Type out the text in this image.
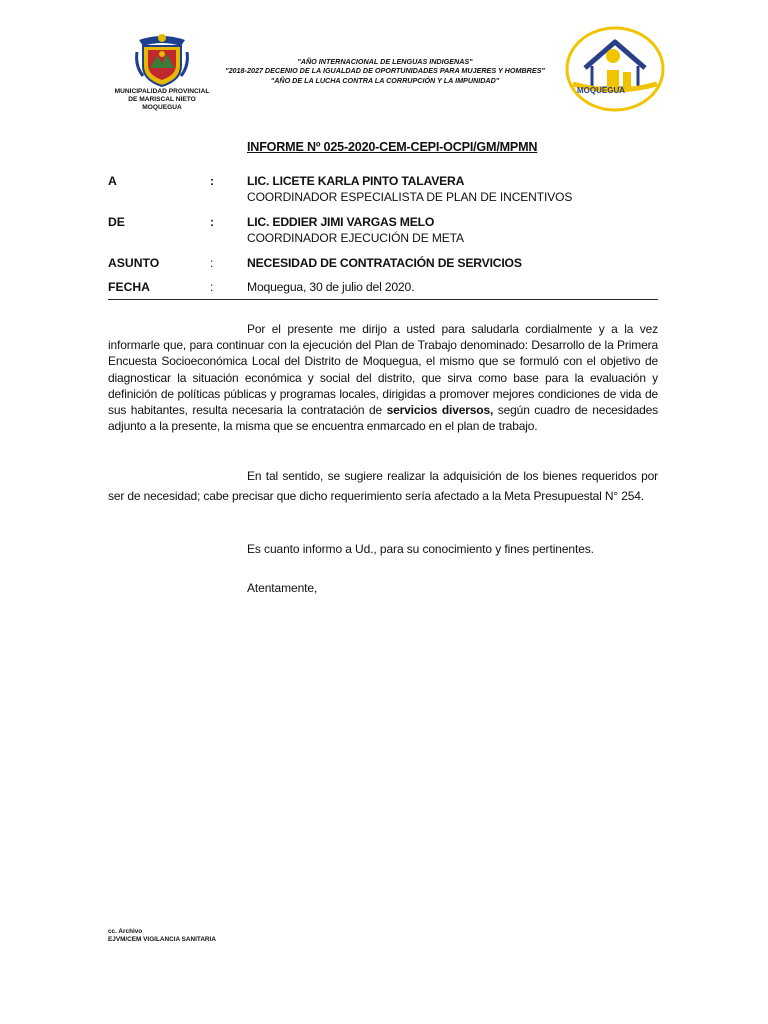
MUNICIPALIDAD PROVINCIAL
DE MARISCAL NIETO
MOQUEGUA
"AÑO INTERNACIONAL DE LENGUAS INDIGENAS"
"2018-2027 DECENIO DE LA IGUALDAD DE OPORTUNIDADES PARA MUJERES Y HOMBRES"
"AÑO DE LA LUCHA CONTRA LA CORRUPCIÓN Y LA IMPUNIDAD"
MOQUEGUA
INFORME Nº 025-2020-CEM-CEPI-OCPI/GM/MPMN
A	:	LIC. LICETE KARLA PINTO TALAVERA
COORDINADOR ESPECIALISTA DE PLAN DE INCENTIVOS
DE	:	LIC. EDDIER JIMI VARGAS MELO
COORDINADOR EJECUCIÓN DE META
ASUNTO	:	NECESIDAD DE CONTRATACIÓN DE SERVICIOS
FECHA	:	Moquegua, 30 de julio del 2020.
Por el presente me dirijo a usted para saludarla cordialmente y a la vez informarle que, para continuar con la ejecución del Plan de Trabajo denominado: Desarrollo de la Primera Encuesta Socioeconómica Local del Distrito de Moquegua, el mismo que se formuló con el objetivo de diagnosticar la situación económica y social del distrito, que sirva como base para la evaluación y definición de políticas públicas y programas locales, dirigidas a promover mejores condiciones de vida de sus habitantes, resulta necesaria la contratación de servicios diversos, según cuadro de necesidades adjunto a la presente, la misma que se encuentra enmarcado en el plan de trabajo.
En tal sentido, se sugiere realizar la adquisición de los bienes requeridos por ser de necesidad; cabe precisar que dicho requerimiento sería afectado a la Meta Presupuestal N° 254.
Es cuanto informo a Ud., para su conocimiento y fines pertinentes.
Atentamente,
cc. Archivo
EJVM/CEM VIGILANCIA SANITARIA
